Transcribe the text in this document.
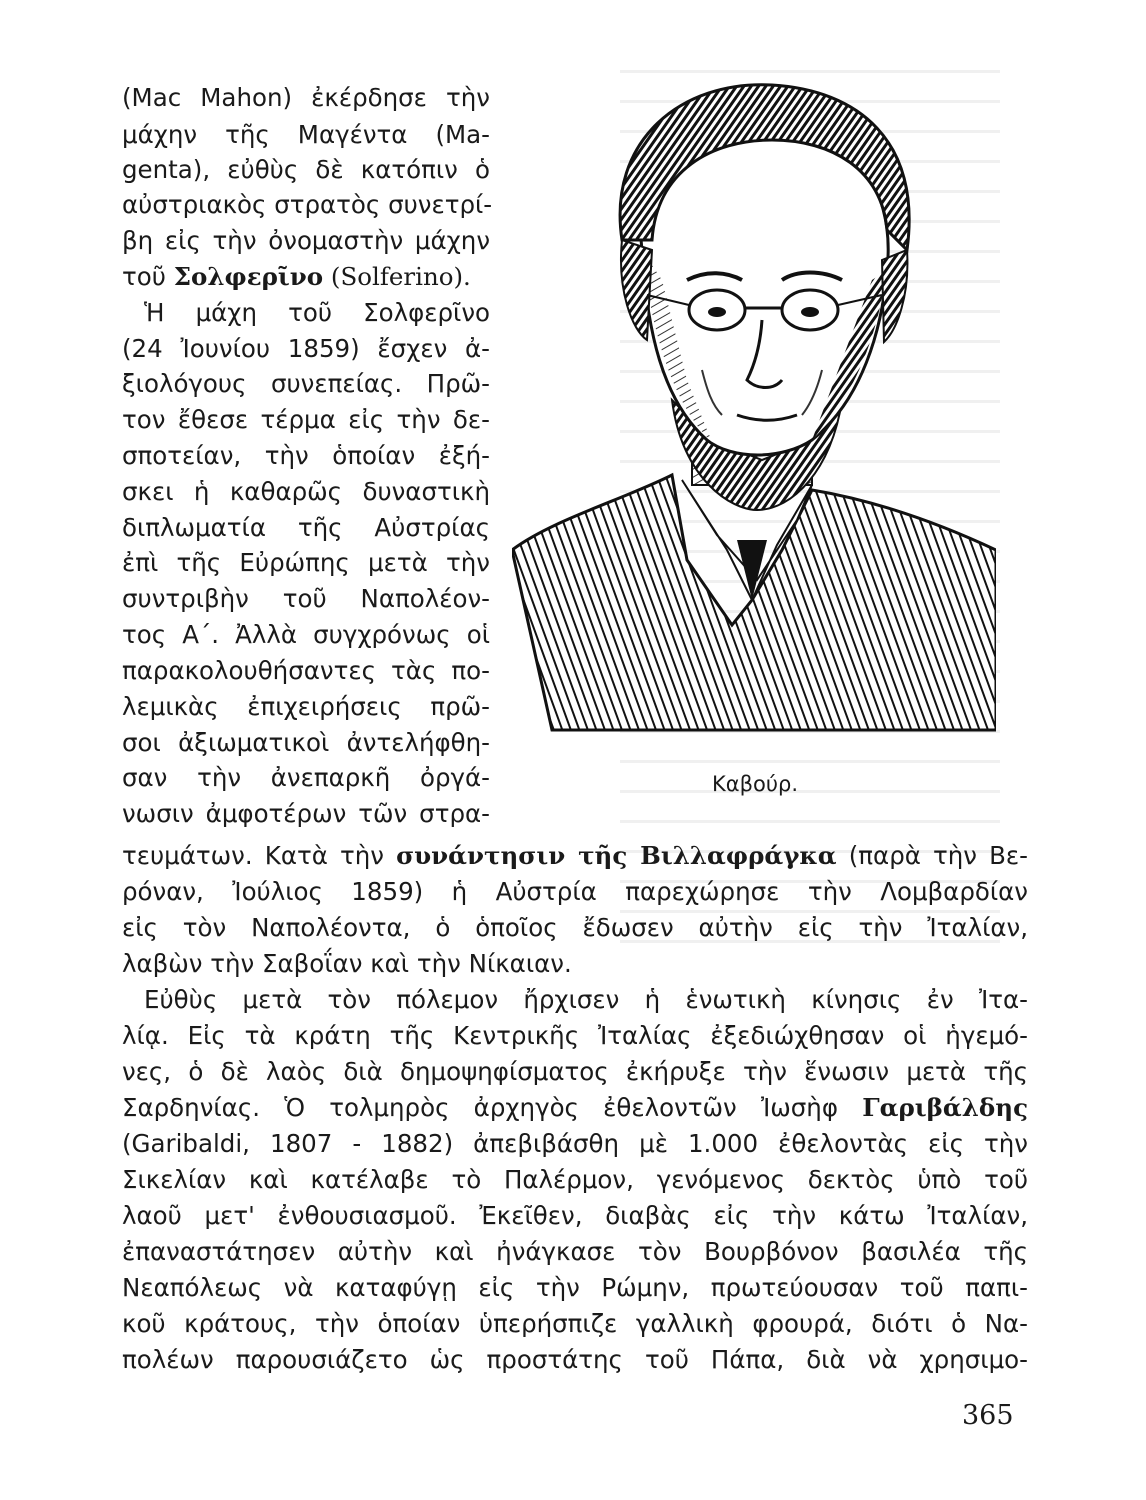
(Mac Mahon) ἐκέρδησε τὴν
μάχην τῆς Μαγέντα (Ma-
genta), εὐθὺς δὲ κατόπιν ὁ
αὐστριακὸς στρατὸς συνετρί-
βη εἰς τὴν ὀνομαστὴν μάχην
τοῦ Σολφερῖνο (Solferino).
Ἡ μάχη τοῦ Σολφερῖνο
(24 Ἰουνίου 1859) ἔσχεν ἀ-
ξιολόγους συνεπείας. Πρῶ-
τον ἔθεσε τέρμα εἰς τὴν δε-
σποτείαν, τὴν ὁποίαν ἐξή-
σκει ἡ καθαρῶς δυναστικὴ
διπλωματία τῆς Αὐστρίας
ἐπὶ τῆς Εὐρώπης μετὰ τὴν
συντριβὴν τοῦ Ναπολέον-
τος Α΄. Ἀλλὰ συγχρόνως οἱ
παρακολουθήσαντες τὰς πο-
λεμικὰς ἐπιχειρήσεις πρῶ-
σοι ἀξιωματικοὶ ἀντελήφθη-
σαν τὴν ἀνεπαρκῆ ὀργά-
νωσιν ἀμφοτέρων τῶν στρα-
Καβούρ.
τευμάτων. Κατὰ τὴν συνάντησιν τῆς Βιλλαφράγκα (παρὰ τὴν Βε-
ρόναν, Ἰούλιος 1859) ἡ Αὐστρία παρεχώρησε τὴν Λομβαρδίαν
εἰς τὸν Ναπολέοντα, ὁ ὁποῖος ἔδωσεν αὐτὴν εἰς τὴν Ἰταλίαν,
λαβὼν τὴν Σαβοΐαν καὶ τὴν Νίκαιαν.
Εὐθὺς μετὰ τὸν πόλεμον ἤρχισεν ἡ ἑνωτικὴ κίνησις ἐν Ἰτα-
λίᾳ. Εἰς τὰ κράτη τῆς Κεντρικῆς Ἰταλίας ἐξεδιώχθησαν οἱ ἡγεμό-
νες, ὁ δὲ λαὸς διὰ δημοψηφίσματος ἐκήρυξε τὴν ἕνωσιν μετὰ τῆς
Σαρδηνίας. Ὁ τολμηρὸς ἀρχηγὸς ἐθελοντῶν Ἰωσὴφ Γαριβάλδης
(Garibaldi, 1807 - 1882) ἀπεβιβάσθη μὲ 1.000 ἐθελοντὰς εἰς τὴν
Σικελίαν καὶ κατέλαβε τὸ Παλέρμον, γενόμενος δεκτὸς ὑπὸ τοῦ
λαοῦ μετ' ἐνθουσιασμοῦ. Ἐκεῖθεν, διαβὰς εἰς τὴν κάτω Ἰταλίαν,
ἐπαναστάτησεν αὐτὴν καὶ ἠνάγκασε τὸν Βουρβόνον βασιλέα τῆς
Νεαπόλεως νὰ καταφύγῃ εἰς τὴν Ρώμην, πρωτεύουσαν τοῦ παπι-
κοῦ κράτους, τὴν ὁποίαν ὑπερήσπιζε γαλλικὴ φρουρά, διότι ὁ Να-
πολέων παρουσιάζετο ὡς προστάτης τοῦ Πάπα, διὰ νὰ χρησιμο-
365
